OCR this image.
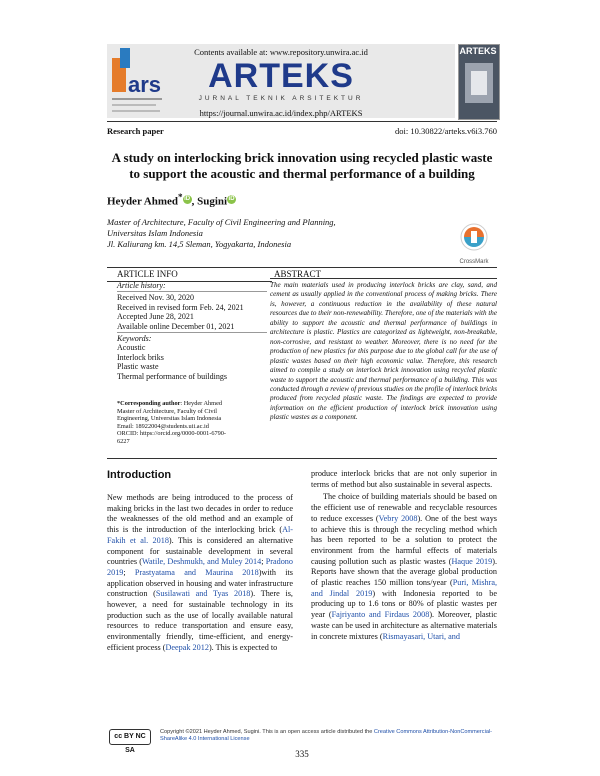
ars
Contents available at: www.repository.unwira.ac.id
ARTEKS
JURNAL TEKNIK ARSITEKTUR
https://journal.unwira.ac.id/index.php/ARTEKS
ARTEKS
Research paper	doi: 10.30822/arteks.v6i3.760
A study on interlocking brick innovation using recycled plastic waste to support the acoustic and thermal performance of a building
Heyder Ahmed* iD , Sugini iD
Master of Architecture, Faculty of Civil Engineering and Planning,
Universitas Islam Indonesia
Jl. Kaliurang km. 14,5 Sleman, Yogyakarta, Indonesia
CrossMark
ARTICLE INFO	ABSTRACT
Article history:
Received Nov. 30, 2020
Received in revised form Feb. 24, 2021
Accepted June 28, 2021
Available online December 01, 2021
Keywords:
Acoustic
Interlock briks
Plastic waste
Thermal performance of buildings
*Corresponding author: Heyder Ahmed
Master of Architecture, Faculty of Civil
Engineering, Universitas Islam Indonesia
Email: 18922004@students.uii.ac.id
ORCID: https://orcid.org/0000-0001-6790-
6227
The main materials used in producing interlock bricks are clay, sand, and cement as usually applied in the conventional process of making bricks. There is, however, a continuous reduction in the availability of these natural resources due to their non-renewability. Therefore, one of the materials with the ability to support the acoustic and thermal performance of buildings in architecture is plastic. Plastics are categorized as lightweight, non-breakable, non-corrosive, and resistant to weather. Moreover, there is no need for the production of new plastics for this purpose due to the global call for the use of plastic wastes based on their high economic value. Therefore, this research aimed to compile a study on interlock brick innovation using recycled plastic waste to support the acoustic and thermal performance of a building. This was conducted through a review of previous studies on the profile of interlock bricks produced from recycled plastic waste. The findings are expected to provide information on the efficient production of interlock brick innovation using plastic wastes as a component.
Introduction

New methods are being introduced to the process of making bricks in the last two decades in order to reduce the weaknesses of the old method and an example of this is the introduction of the interlocking brick (Al-Fakih et al. 2018). This is considered an alternative component for sustainable development in several countries (Watile, Deshmukh, and Muley 2014; Pradono 2019; Prastyatama and Maurina 2018)with its application observed in housing and water infrastructure construction (Susilawati and Tyas 2018). There is, however, a need for sustainable technology in its production such as the use of locally available natural resources to reduce transportation and ensure easy, environmentally friendly, time-efficient, and energy-efficient process (Deepak 2012). This is expected to

produce interlock bricks that are not only superior in terms of method but also sustainable in several aspects.

The choice of building materials should be based on the efficient use of renewable and recyclable resources to reduce excesses (Vebry 2008). One of the best ways to achieve this is through the recycling method which has been reported to be a solution to protect the environment from the harmful effects of materials causing pollution such as plastic wastes (Haque 2019). Reports have shown that the average global production of plastic reaches 150 million tons/year (Puri, Mishra, and Jindal 2019) with Indonesia reported to be producing up to 1.6 tons or 80% of plastic wastes per year (Fajriyanto and Firdaus 2008). Moreover, plastic waste can be used in architecture as alternative materials in concrete mixtures (Rismayasari, Utari, and

cc BY NC SA
Copyright ©2021 Heyder Ahmed, Sugini. This is an open access article distributed the Creative Commons Attribution-NonCommercial-ShareAlike 4.0 International License
335
